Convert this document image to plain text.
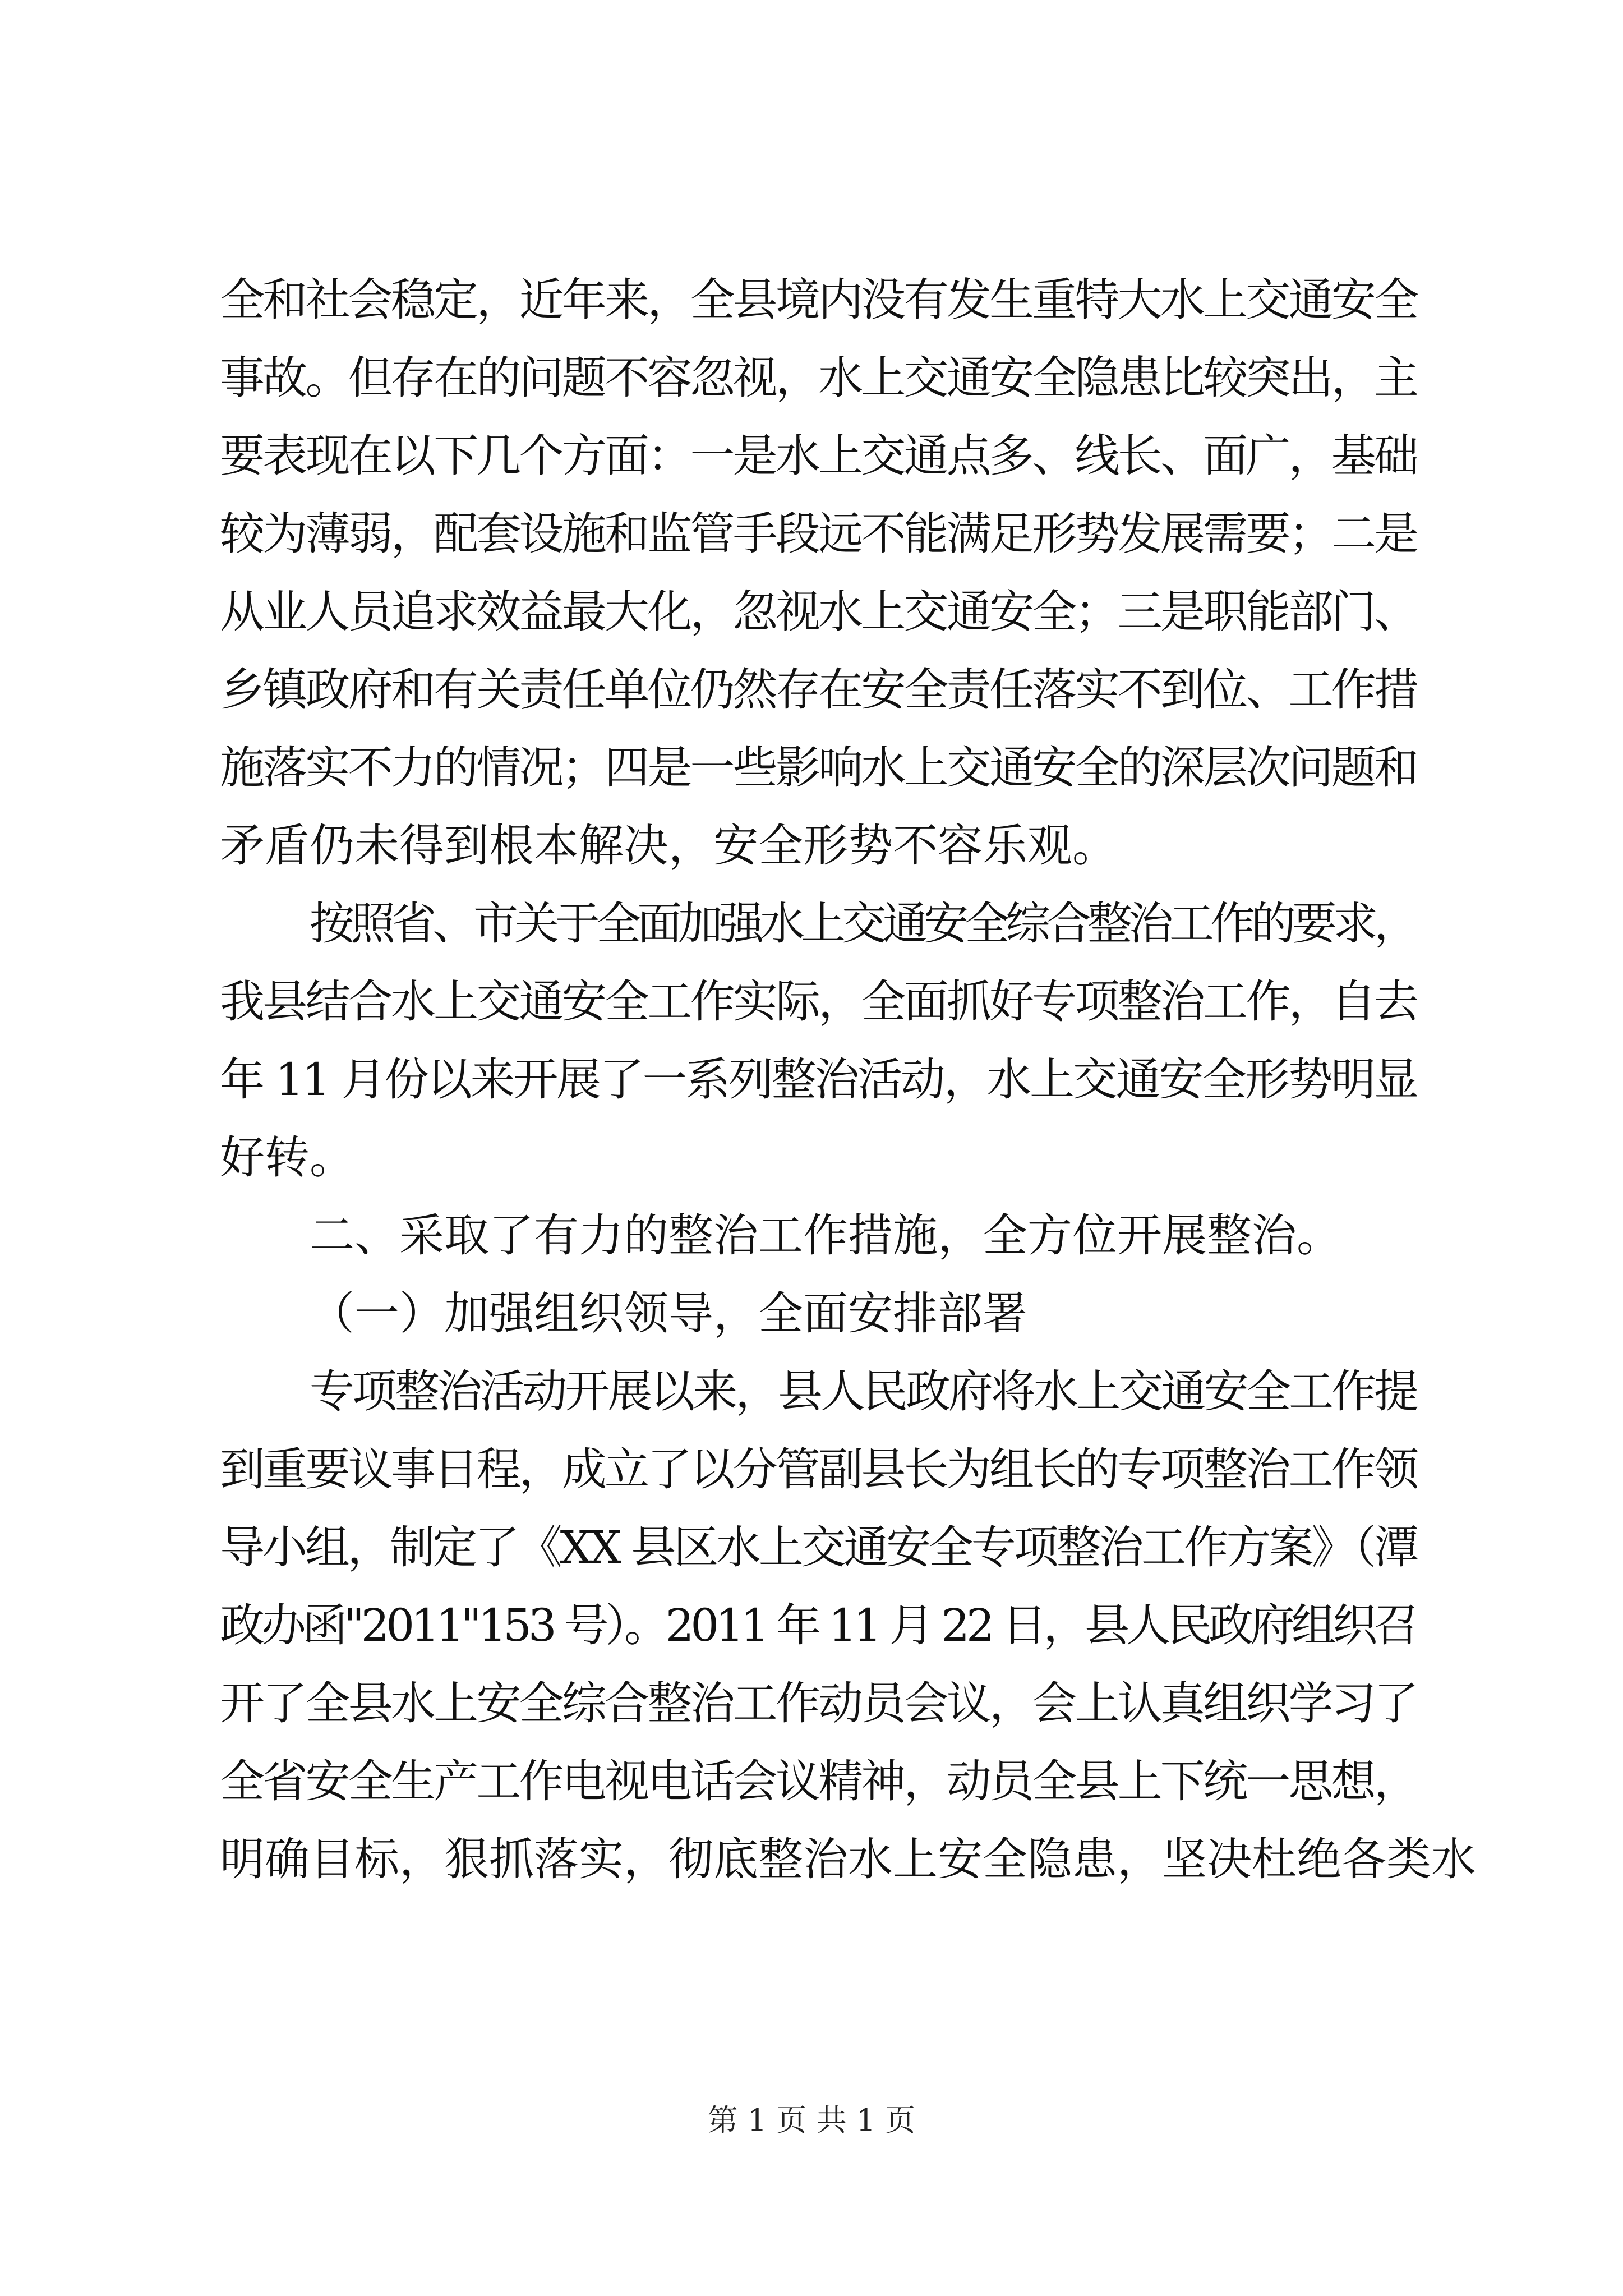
全和社会稳定，近年来，全县境内没有发生重特大水上交通安全
事故。但存在的问题不容忽视，水上交通安全隐患比较突出，主
要表现在以下几个方面：一是水上交通点多、线长、面广，基础
较为薄弱，配套设施和监管手段远不能满足形势发展需要；二是
从业人员追求效益最大化，忽视水上交通安全；三是职能部门、
乡镇政府和有关责任单位仍然存在安全责任落实不到位、工作措
施落实不力的情况；四是一些影响水上交通安全的深层次问题和
矛盾仍未得到根本解决，安全形势不容乐观。
按照省、市关于全面加强水上交通安全综合整治工作的要求，
我县结合水上交通安全工作实际，全面抓好专项整治工作，自去
年 11 月份以来开展了一系列整治活动，水上交通安全形势明显
好转。
二、采取了有力的整治工作措施，全方位开展整治。
（一）加强组织领导，全面安排部署
专项整治活动开展以来，县人民政府将水上交通安全工作提
到重要议事日程，成立了以分管副县长为组长的专项整治工作领
导小组，制定了《XX 县区水上交通安全专项整治工作方案》（潭
政办函"2011"153 号）。2011 年 11 月 22 日，县人民政府组织召
开了全县水上安全综合整治工作动员会议，会上认真组织学习了
全省安全生产工作电视电话会议精神，动员全县上下统一思想，
明确目标，狠抓落实，彻底整治水上安全隐患，坚决杜绝各类水
第 1 页 共 1 页
